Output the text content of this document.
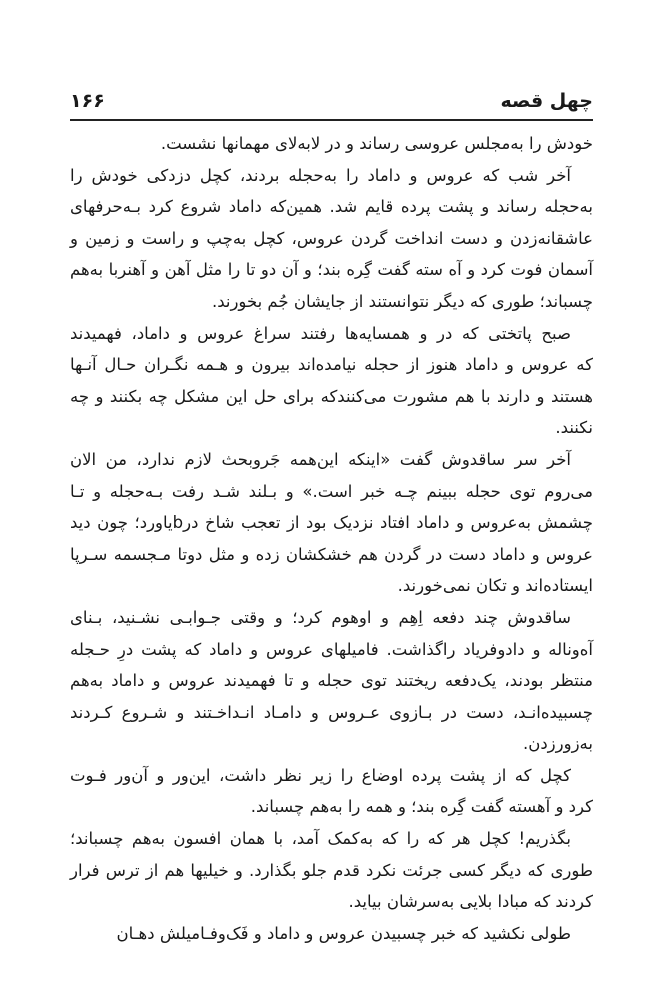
چهل قصه
۱۶۶
خودش را به‌مجلس عروسی رساند و در لابه‌لای مهمانها نشست.
آخر شب که عروس و داماد را به‌حجله بردند، کچل دزدکی خودش را
به‌حجله رساند و پشت پرده قایم شد. همین‌که داماد شروع کرد بـه‌حرفهای
عاشقانه‌زدن و دست انداخت گردن عروس، کچل به‌چپ و راست و زمین و
آسمان فوت کرد و آه سته گفت گِره بند؛ و آن دو تا را مثل آهن و آهنربا به‌هم
چسباند؛ طوری که دیگر نتوانستند از جایشان جُم بخورند.
صبح پاتختی که در و همسایه‌ها رفتند سراغ عروس و داماد، فهمیدند
که عروس و داماد هنوز از حجله نیامده‌اند بیرون و هـمه نگـران حـال آنـها
هستند و دارند با هم مشورت می‌کنندکه برای حل این مشکل چه بکنند و چه
نکنند.
آخر سر ساقدوش گفت «اینکه این‌همه جَروبحث لازم ندارد، من الان
می‌روم توی حجله ببینم چـه خبر است.» و بـلند شـد رفت بـه‌حجله و تـا
چشمش به‌عروس و داماد افتاد نزدیک بود از تعجب شاخ درbیاورد؛ چون دید
عروس و داماد دست در گردن هم خشکشان زده و مثل دوتا مـجسمه سـرپا
ایستاده‌اند و تکان نمی‌خورند.
ساقدوش چند دفعه اِهِم و اوهوم کرد؛ و وقتی جـوابـی نشـنید، بـنای
آه‌وناله و دادوفریاد راگذاشت. فامیلهای عروس و داماد که پشت درِ حـجله
منتظر بودند، یک‌دفعه ریختند توی حجله و تا فهمیدند عروس و داماد به‌هم
چسبیده‌انـد، دست در بـازوی عـروس و دامـاد انـداخـتند و شـروع کـردند
به‌زورزدن.
کچل که از پشت پرده اوضاع را زیر نظر داشت، این‌ور و آن‌ور فـوت
کرد و آهسته گفت گِره بند؛ و همه را به‌هم چسباند.
بگذریم! کچل هر که را که به‌کمک آمد، با همان افسون به‌هم چسباند؛
طوری که دیگر کسی جرئت نکرد قدم جلو بگذارد. و خیلیها هم از ترس فرار
کردند که مبادا بلایی به‌سرشان بیاید.
طولی نکشید که خبر چسبیدن عروس و داماد و فَک‌وفـامیلش دهـان
